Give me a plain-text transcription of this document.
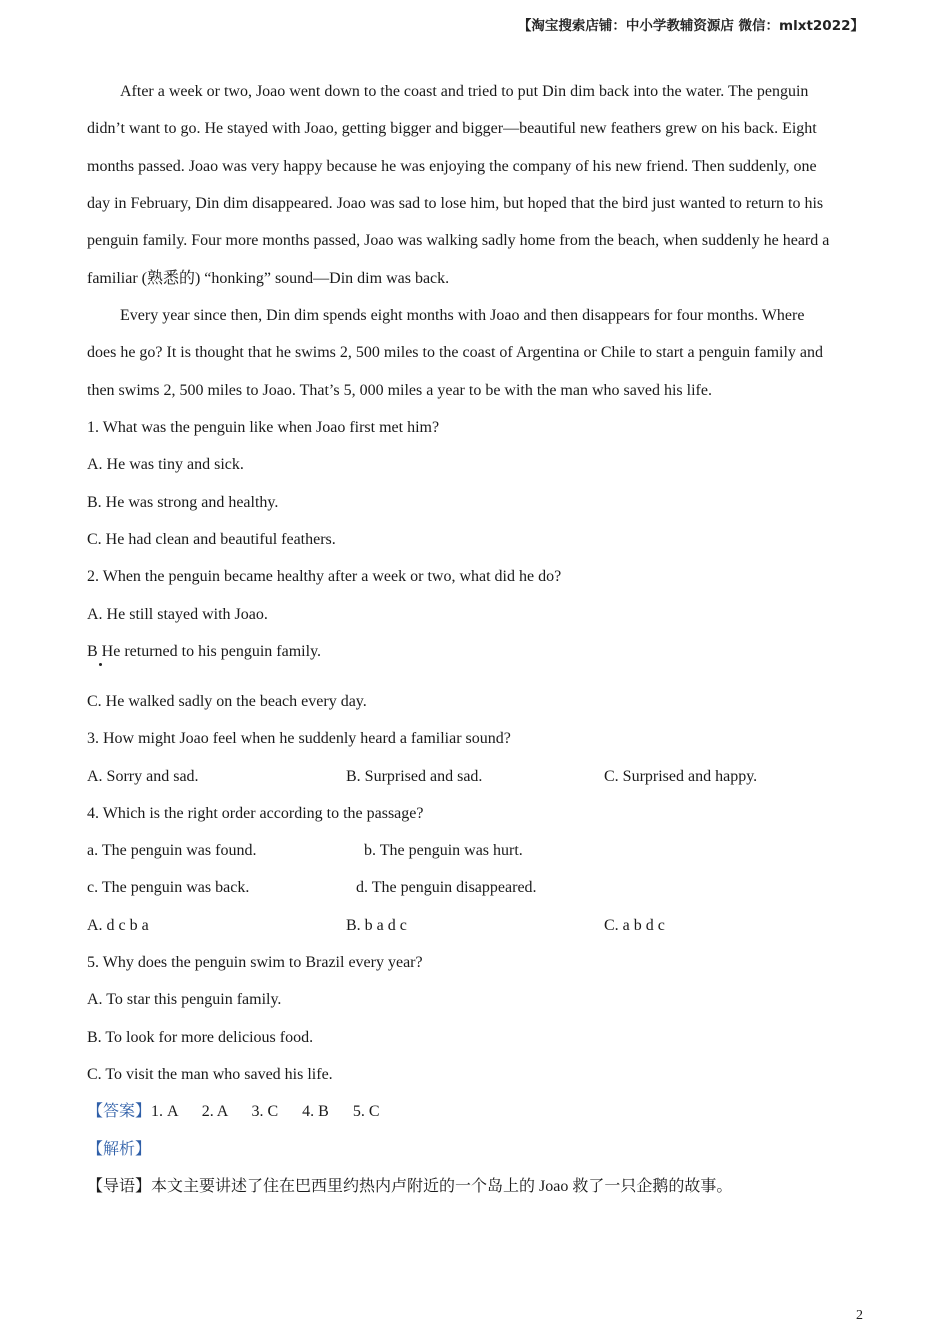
【淘宝搜索店铺：中小学教辅资源店 微信：mlxt2022】
After a week or two, Joao went down to the coast and tried to put Din dim back into the water. The penguin
didn’t want to go. He stayed with Joao, getting bigger and bigger—beautiful new feathers grew on his back. Eight
months passed. Joao was very happy because he was enjoying the company of his new friend. Then suddenly, one
day in February, Din dim disappeared. Joao was sad to lose him, but hoped that the bird just wanted to return to his
penguin family. Four more months passed, Joao was walking sadly home from the beach, when suddenly he heard a
familiar (熟悉的) “honking” sound—Din dim was back.
Every year since then, Din dim spends eight months with Joao and then disappears for four months. Where
does he go? It is thought that he swims 2, 500 miles to the coast of Argentina or Chile to start a penguin family and
then swims 2, 500 miles to Joao. That’s 5, 000 miles a year to be with the man who saved his life.
1. What was the penguin like when Joao first met him?
A. He was tiny and sick.
B. He was strong and healthy.
C. He had clean and beautiful feathers.
2. When the penguin became healthy after a week or two, what did he do?
A. He still stayed with Joao.
B He returned to his penguin family.
C. He walked sadly on the beach every day.
3. How might Joao feel when he suddenly heard a familiar sound?
A. Sorry and sad.	B. Surprised and sad.	C. Surprised and happy.
4. Which is the right order according to the passage?
a. The penguin was found.	b. The penguin was hurt.
c. The penguin was back.	d. The penguin disappeared.
A. d c b a	B. b a d c	C. a b d c
5. Why does the penguin swim to Brazil every year?
A. To star this penguin family.
B. To look for more delicious food.
C. To visit the man who saved his life.
【答案】1. A      2. A      3. C      4. B      5. C
【解析】
【导语】本文主要讲述了住在巴西里约热内卢附近的一个岛上的 Joao 救了一只企鹅的故事。
2
